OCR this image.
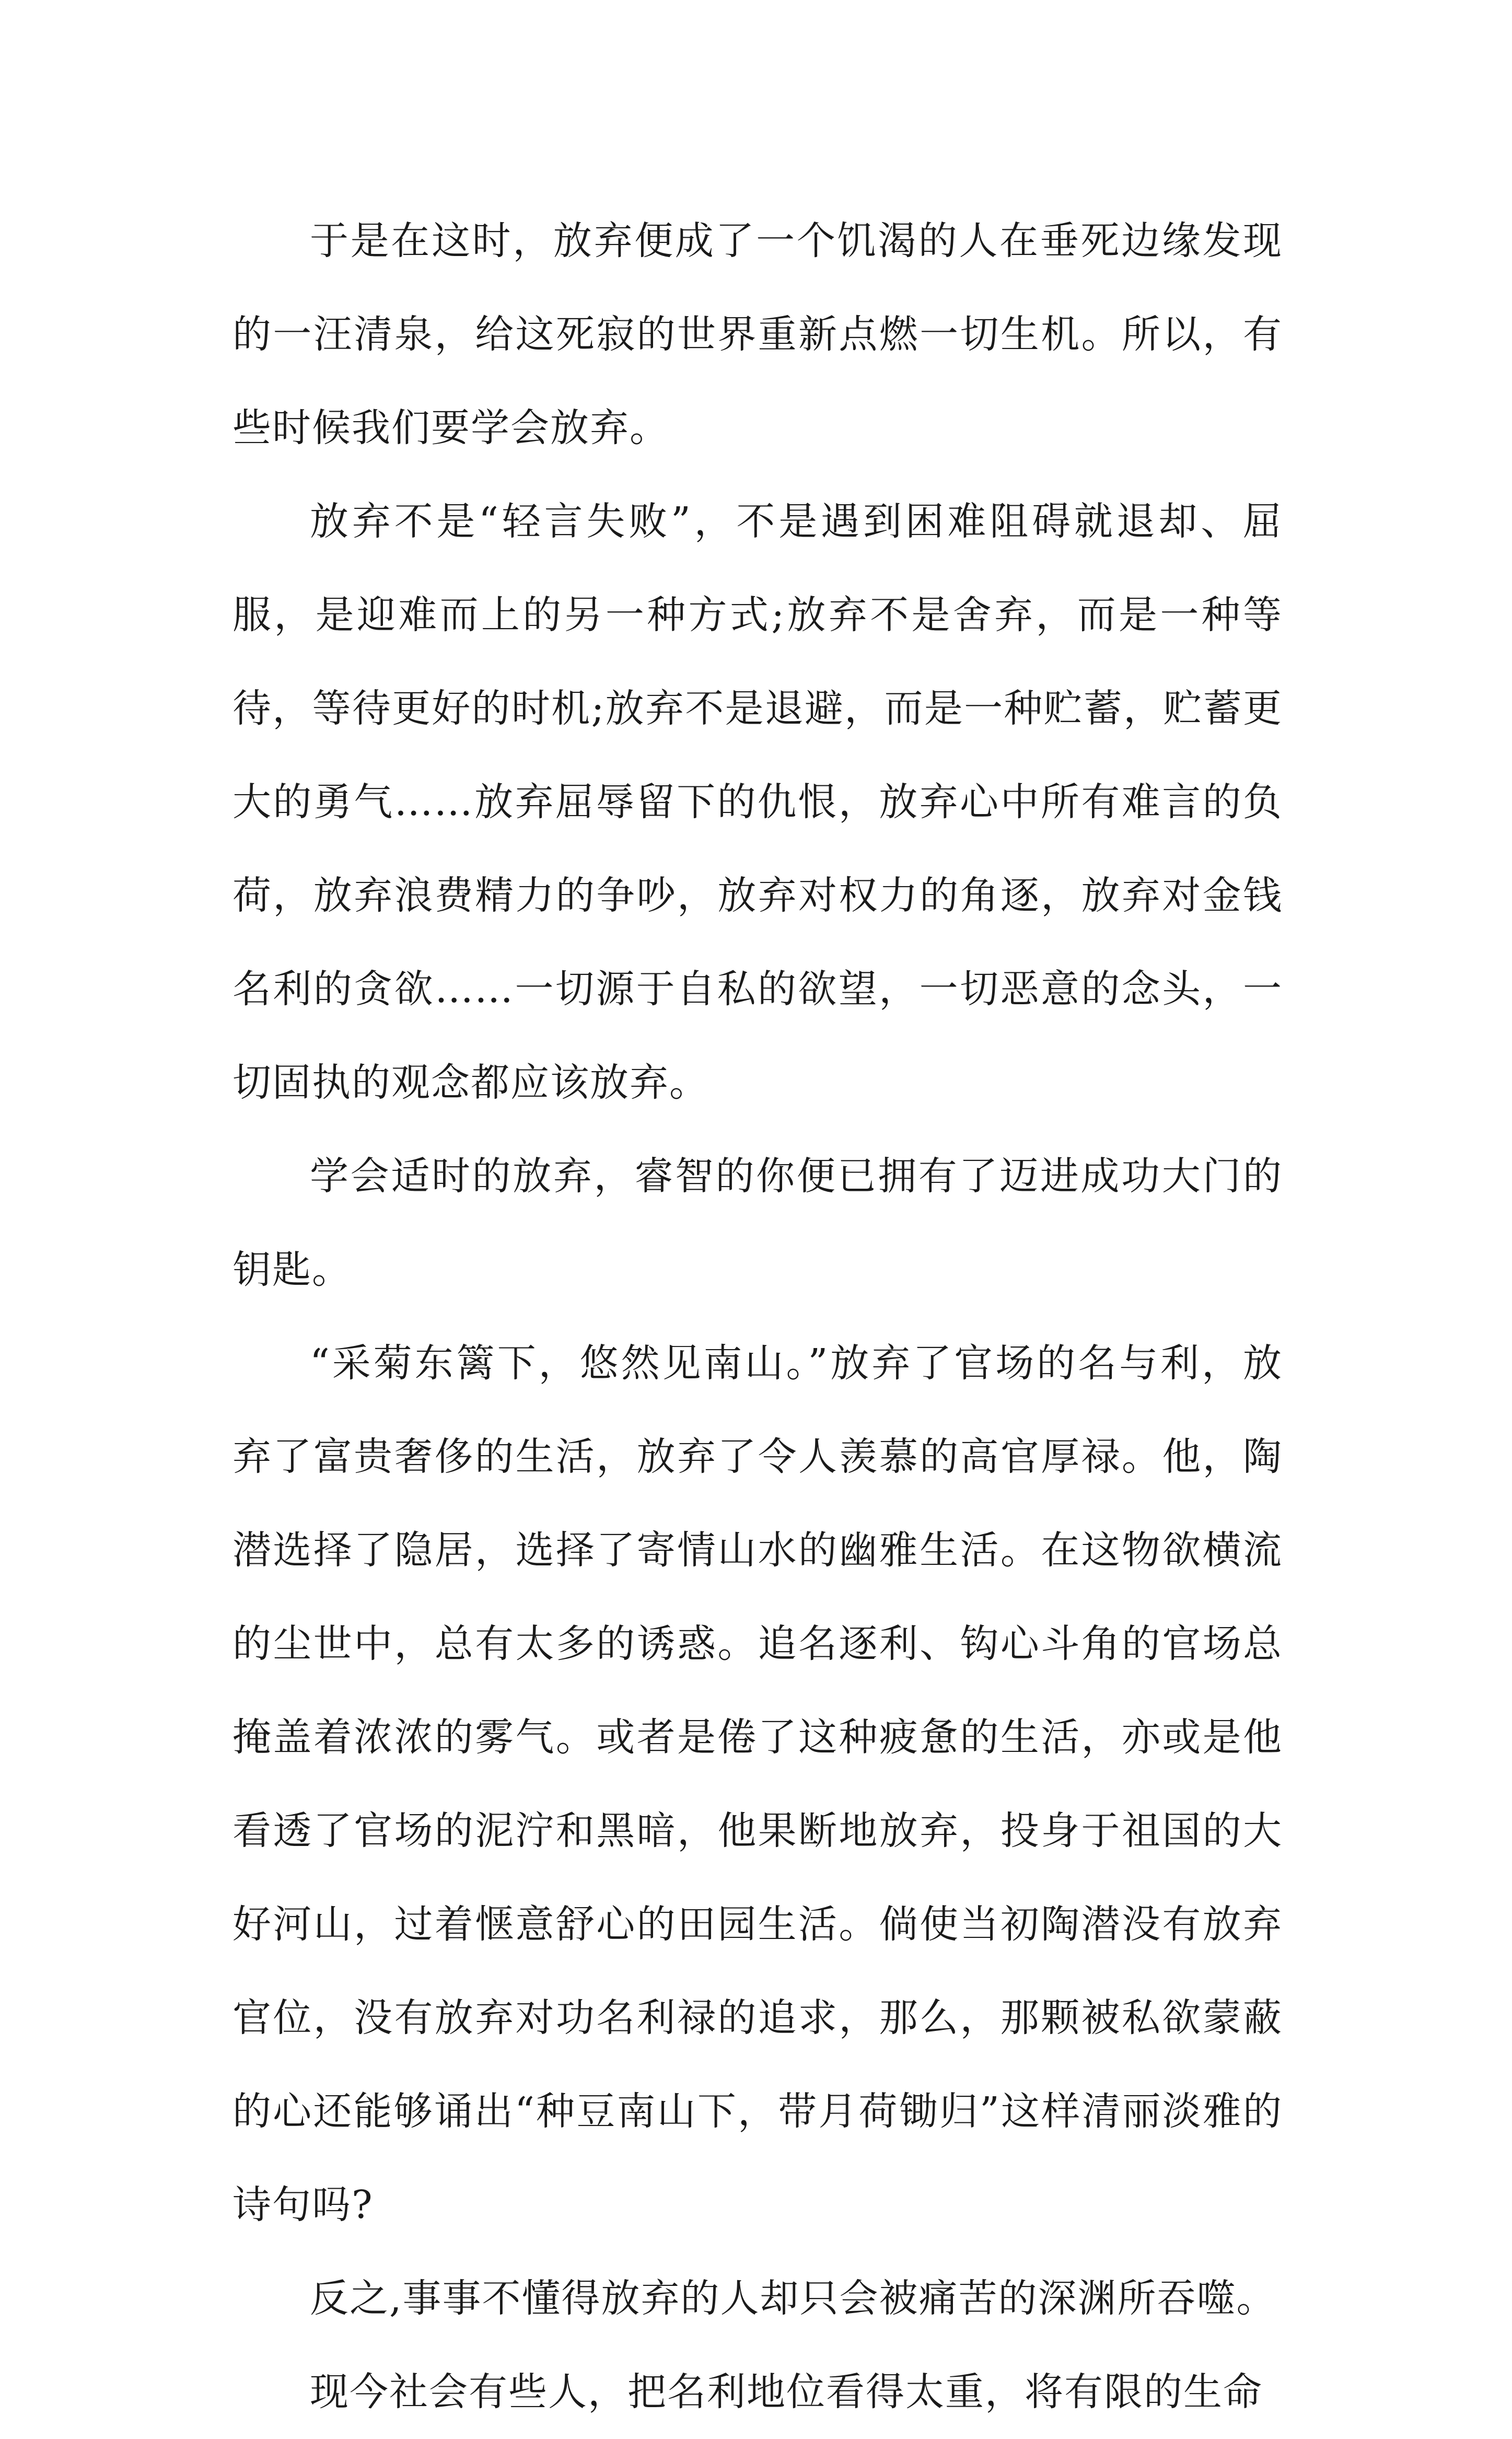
于是在这时，放弃便成了一个饥渴的人在垂死边缘发现的一汪清泉，给这死寂的世界重新点燃一切生机。所以，有些时候我们要学会放弃。

放弃不是“轻言失败”，不是遇到困难阻碍就退却、屈服，是迎难而上的另一种方式;放弃不是舍弃，而是一种等待，等待更好的时机;放弃不是退避，而是一种贮蓄，贮蓄更大的勇气……放弃屈辱留下的仇恨，放弃心中所有难言的负荷，放弃浪费精力的争吵，放弃对权力的角逐，放弃对金钱名利的贪欲……一切源于自私的欲望，一切恶意的念头，一切固执的观念都应该放弃。

学会适时的放弃，睿智的你便已拥有了迈进成功大门的钥匙。

“采菊东篱下，悠然见南山。”放弃了官场的名与利，放弃了富贵奢侈的生活，放弃了令人羡慕的高官厚禄。他，陶潜选择了隐居，选择了寄情山水的幽雅生活。在这物欲横流的尘世中，总有太多的诱惑。追名逐利、钩心斗角的官场总掩盖着浓浓的雾气。或者是倦了这种疲惫的生活，亦或是他看透了官场的泥泞和黑暗，他果断地放弃，投身于祖国的大好河山，过着惬意舒心的田园生活。倘使当初陶潜没有放弃官位，没有放弃对功名利禄的追求，那么，那颗被私欲蒙蔽的心还能够诵出“种豆南山下，带月荷锄归”这样清丽淡雅的诗句吗?

反之,事事不懂得放弃的人却只会被痛苦的深渊所吞噬。

现今社会有些人，把名利地位看得太重，将有限的生命
